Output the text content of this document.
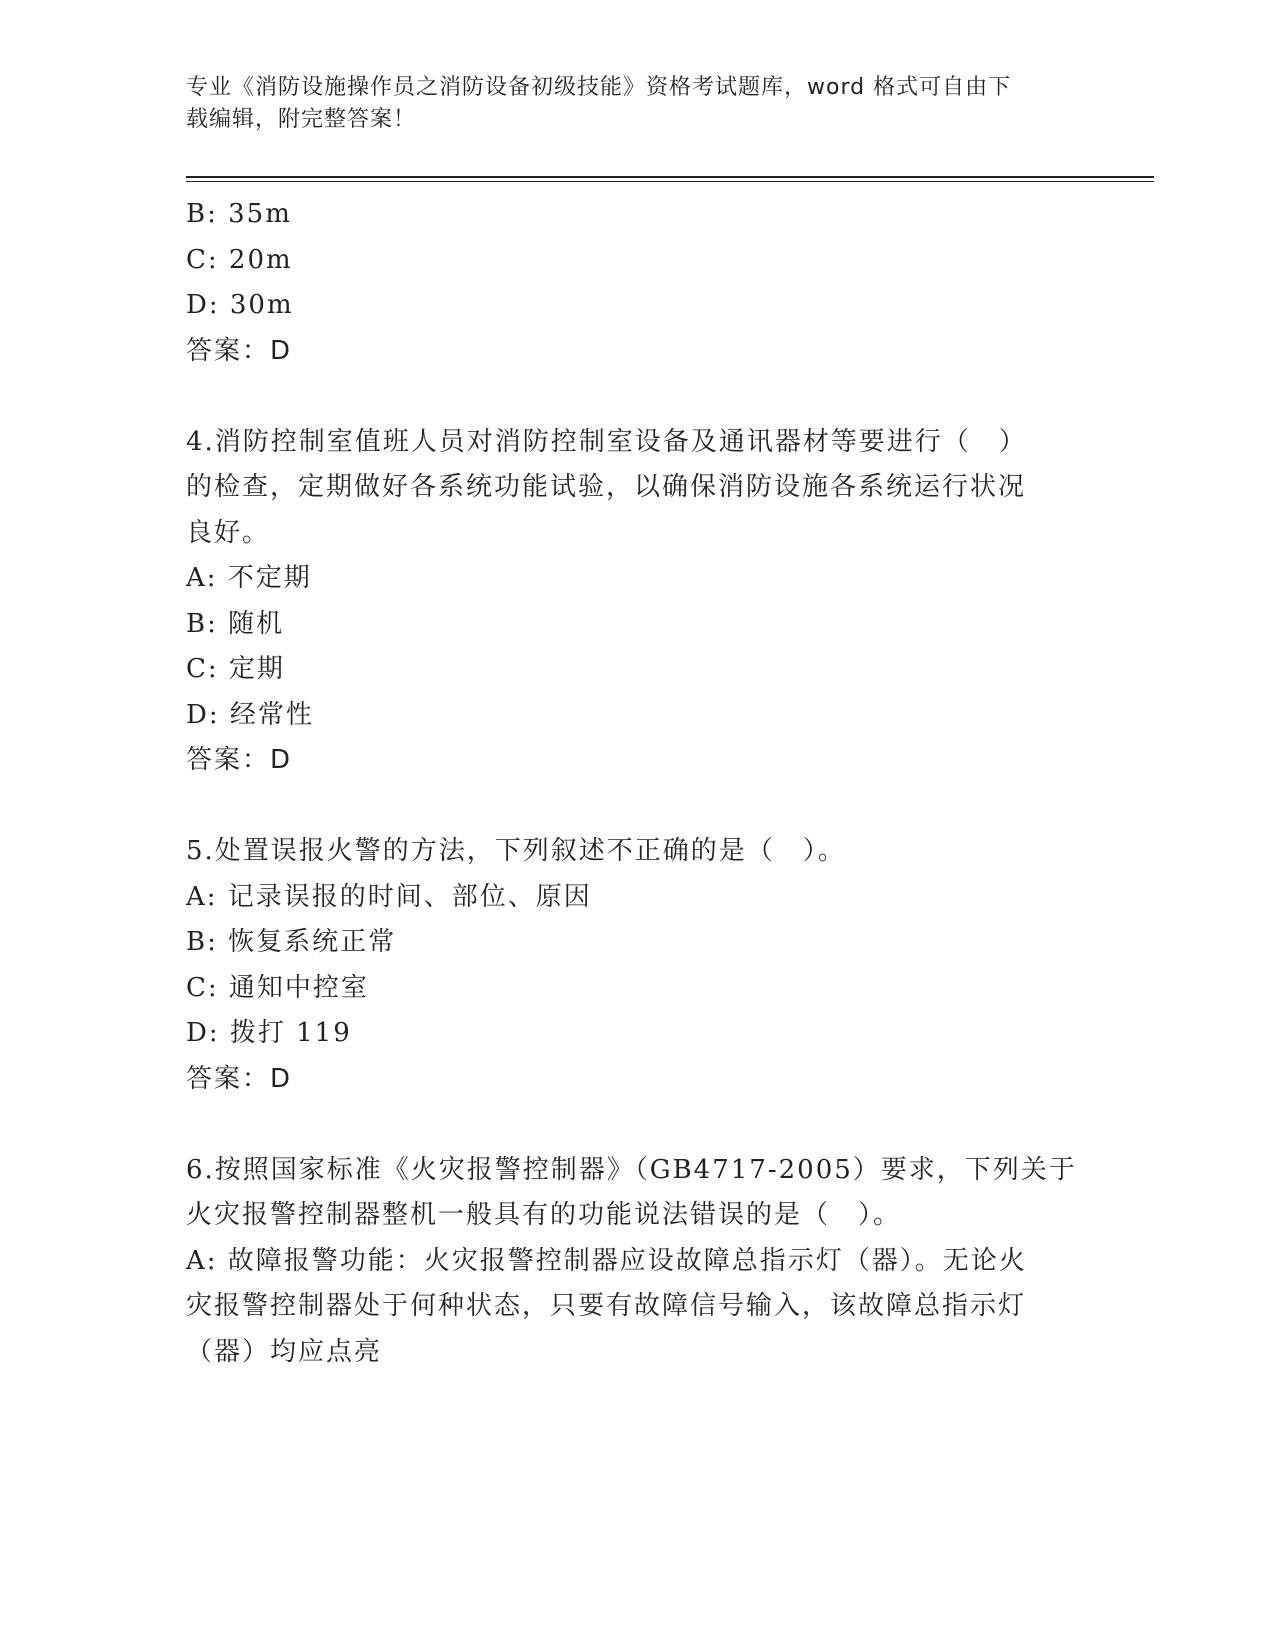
专业《消防设施操作员之消防设备初级技能》资格考试题库，word 格式可自由下
载编辑，附完整答案！
B: 35m
C: 20m
D: 30m
答案：D
4.消防控制室值班人员对消防控制室设备及通讯器材等要进行（　）
的检查，定期做好各系统功能试验，以确保消防设施各系统运行状况
良好。
A: 不定期
B: 随机
C: 定期
D: 经常性
答案：D
5.处置误报火警的方法，下列叙述不正确的是（　）。
A: 记录误报的时间、部位、原因
B: 恢复系统正常
C: 通知中控室
D: 拨打 119
答案：D
6.按照国家标准《火灾报警控制器》（GB4717-2005）要求，下列关于
火灾报警控制器整机一般具有的功能说法错误的是（　）。
A: 故障报警功能：火灾报警控制器应设故障总指示灯（器）。无论火
灾报警控制器处于何种状态，只要有故障信号输入，该故障总指示灯
（器）均应点亮
